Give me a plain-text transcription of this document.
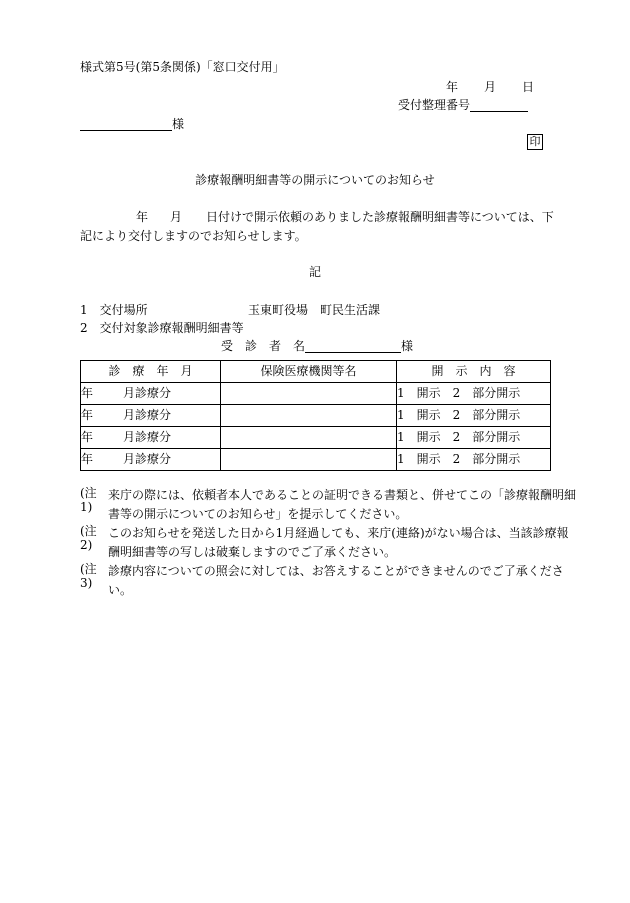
様式第5号(第5条関係)「窓口交付用」
年 月 日
受付整理番号
様
印
診療報酬明細書等の開示についてのお知らせ
年 月 日付けで開示依頼のありました診療報酬明細書等については、下
記により交付しますのでお知らせします。
記
1　交付場所	玉東町役場　町民生活課
2　交付対象診療報酬明細書等
受　診　者　名	様
診　療　年　月	保険医療機関等名	開　示　内　容
年 月診療分		1　開示　2　部分開示
年 月診療分		1　開示　2　部分開示
年 月診療分		1　開示　2　部分開示
年 月診療分		1　開示　2　部分開示
(注1)
来庁の際には、依頼者本人であることの証明できる書類と、併せてこの「診療報酬明細書等の開示についてのお知らせ」を提示してください。
(注2)
このお知らせを発送した日から1月経過しても、来庁(連絡)がない場合は、当該診療報酬明細書等の写しは破棄しますのでご了承ください。
(注3)
診療内容についての照会に対しては、お答えすることができませんのでご了承ください。
